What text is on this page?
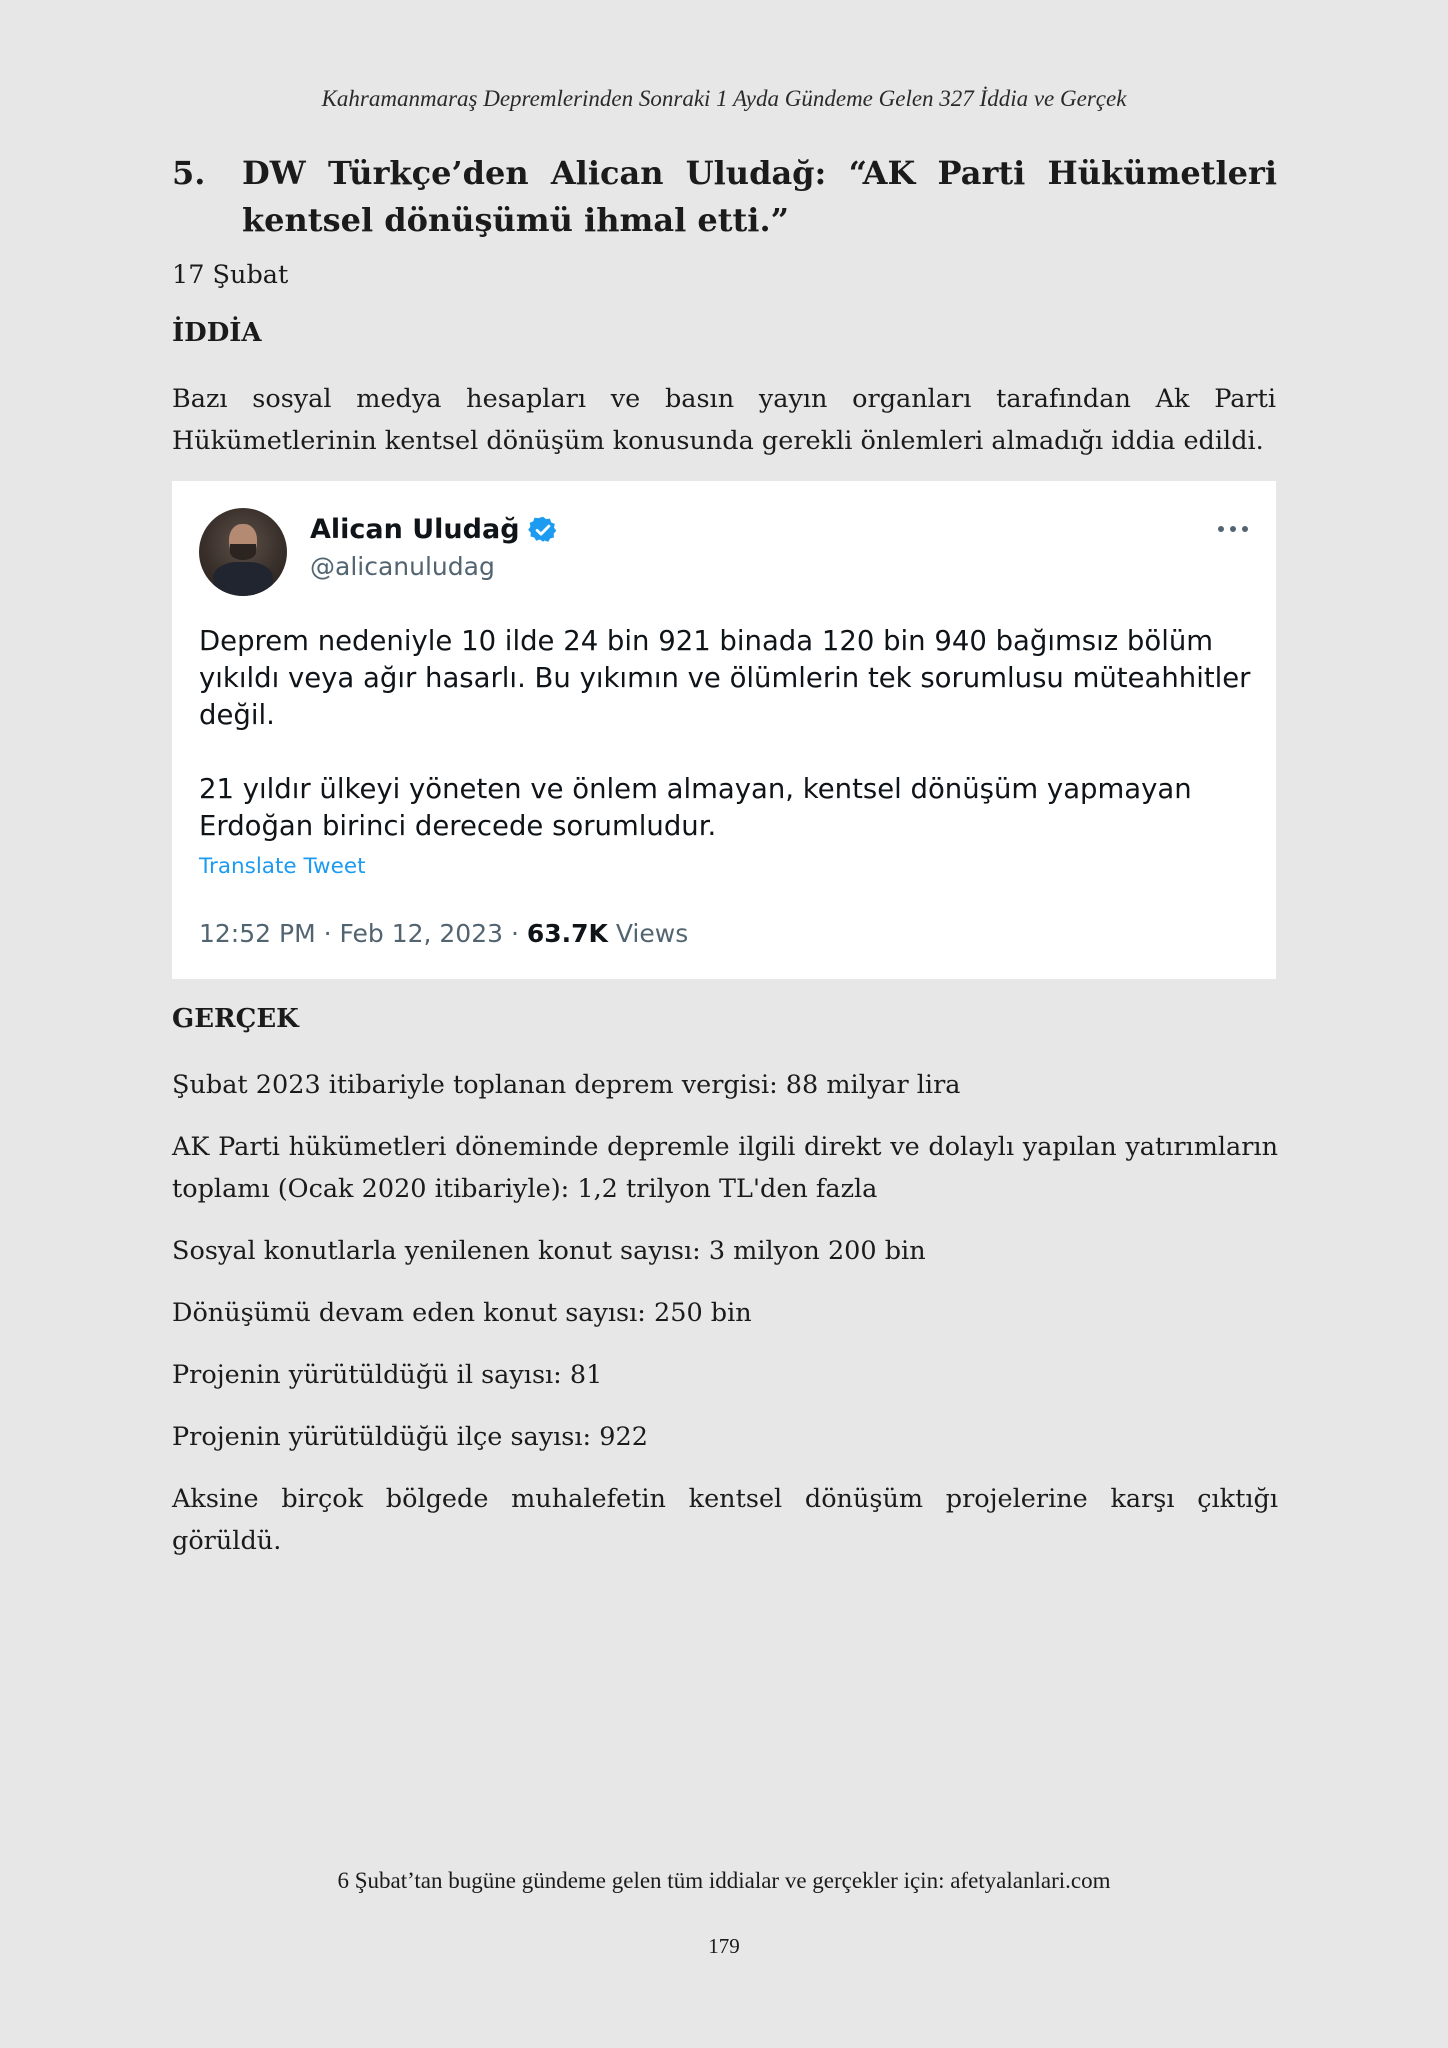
Kahramanmaraş Depremlerinden Sonraki 1 Ayda Gündeme Gelen 327 İddia ve Gerçek
5.	DW Türkçe’den Alican Uludağ: “AK Parti Hükümetleri kentsel dönüşümü ihmal etti.”
17 Şubat
İDDİA
Bazı sosyal medya hesapları ve basın yayın organları tarafından Ak Parti Hükümetlerinin kentsel dönüşüm konusunda gerekli önlemleri almadığı iddia edildi.
Alican Uludağ
@alicanuludag
Deprem nedeniyle 10 ilde 24 bin 921 binada 120 bin 940 bağımsız bölüm yıkıldı veya ağır hasarlı. Bu yıkımın ve ölümlerin tek sorumlusu müteahhitler değil.

21 yıldır ülkeyi yöneten ve önlem almayan, kentsel dönüşüm yapmayan Erdoğan birinci derecede sorumludur.
Translate Tweet
12:52 PM · Feb 12, 2023 · 63.7K Views
GERÇEK
Şubat 2023 itibariyle toplanan deprem vergisi: 88 milyar lira
AK Parti hükümetleri döneminde depremle ilgili direkt ve dolaylı yapılan yatırımların toplamı (Ocak 2020 itibariyle): 1,2 trilyon TL'den fazla
Sosyal konutlarla yenilenen konut sayısı: 3 milyon 200 bin
Dönüşümü devam eden konut sayısı: 250 bin
Projenin yürütüldüğü il sayısı: 81
Projenin yürütüldüğü ilçe sayısı: 922
Aksine birçok bölgede muhalefetin kentsel dönüşüm projelerine karşı çıktığı görüldü.
6 Şubat’tan bugüne gündeme gelen tüm iddialar ve gerçekler için: afetyalanlari.com
179
